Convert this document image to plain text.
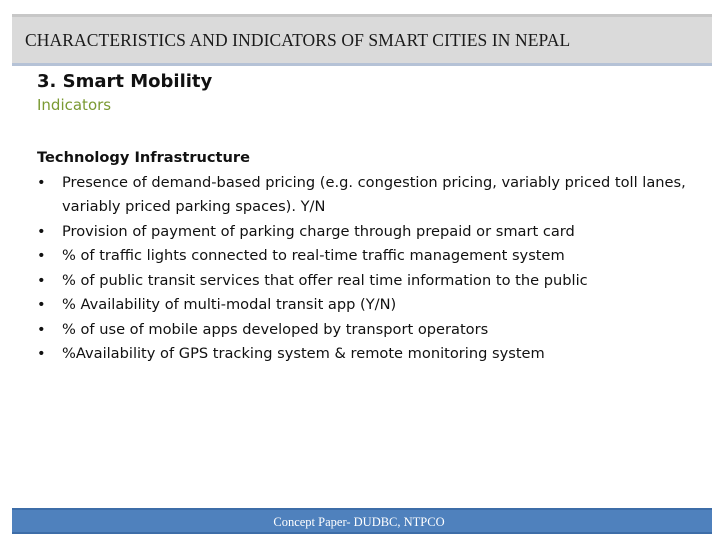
CHARACTERISTICS AND INDICATORS OF SMART CITIES IN NEPAL
3. Smart Mobility
Indicators
Technology Infrastructure
• Presence of demand-based pricing (e.g. congestion pricing, variably priced toll lanes, variably priced parking spaces). Y/N
• Provision of payment of parking charge through prepaid or smart card
• % of traffic lights connected to real-time traffic management system
• % of public transit services that offer real time information to the public
• % Availability of multi-modal transit app (Y/N)
• % of use of mobile apps developed by transport operators
• %Availability of GPS tracking system & remote monitoring system
Concept Paper- DUDBC, NTPCO
